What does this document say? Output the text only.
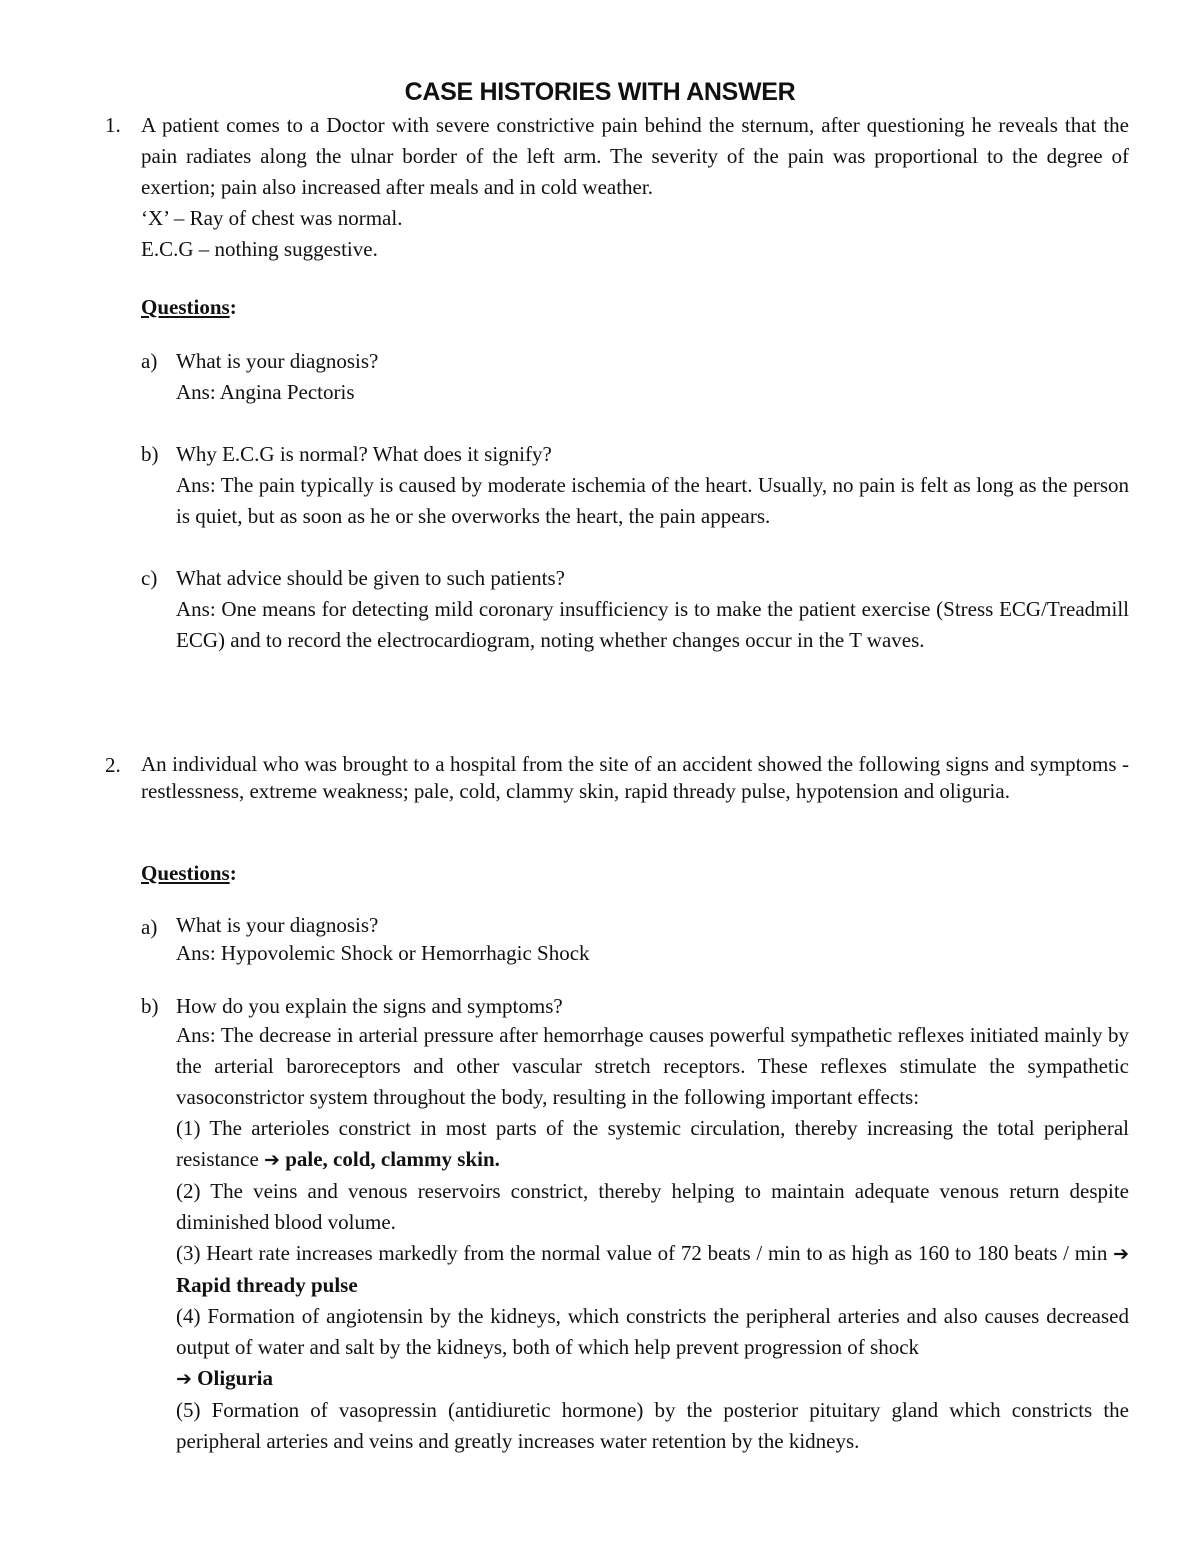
CASE HISTORIES WITH ANSWER
1. A patient comes to a Doctor with severe constrictive pain behind the sternum, after questioning he reveals that the pain radiates along the ulnar border of the left arm. The severity of the pain was proportional to the degree of exertion; pain also increased after meals and in cold weather.
‘X’ – Ray of chest was normal.
E.C.G – nothing suggestive.
Questions:
a) What is your diagnosis?
Ans: Angina Pectoris
b) Why E.C.G is normal? What does it signify?
Ans: The pain typically is caused by moderate ischemia of the heart. Usually, no pain is felt as long as the person is quiet, but as soon as he or she overworks the heart, the pain appears.
c) What advice should be given to such patients?
Ans: One means for detecting mild coronary insufficiency is to make the patient exercise (Stress ECG/Treadmill ECG) and to record the electrocardiogram, noting whether changes occur in the T waves.
2. An individual who was brought to a hospital from the site of an accident showed the following signs and symptoms - restlessness, extreme weakness; pale, cold, clammy skin, rapid thready pulse, hypotension and oliguria.
Questions:
a) What is your diagnosis?
Ans: Hypovolemic Shock or Hemorrhagic Shock
b) How do you explain the signs and symptoms?
Ans: The decrease in arterial pressure after hemorrhage causes powerful sympathetic reflexes initiated mainly by the arterial baroreceptors and other vascular stretch receptors. These reflexes stimulate the sympathetic vasoconstrictor system throughout the body, resulting in the following important effects:
(1) The arterioles constrict in most parts of the systemic circulation, thereby increasing the total peripheral resistance ➔ pale, cold, clammy skin.
(2) The veins and venous reservoirs constrict, thereby helping to maintain adequate venous return despite diminished blood volume.
(3) Heart rate increases markedly from the normal value of 72 beats / min to as high as 160 to 180 beats / min ➔ Rapid thready pulse
(4) Formation of angiotensin by the kidneys, which constricts the peripheral arteries and also causes decreased output of water and salt by the kidneys, both of which help prevent progression of shock
➔ Oliguria
(5) Formation of vasopressin (antidiuretic hormone) by the posterior pituitary gland which constricts the peripheral arteries and veins and greatly increases water retention by the kidneys.
